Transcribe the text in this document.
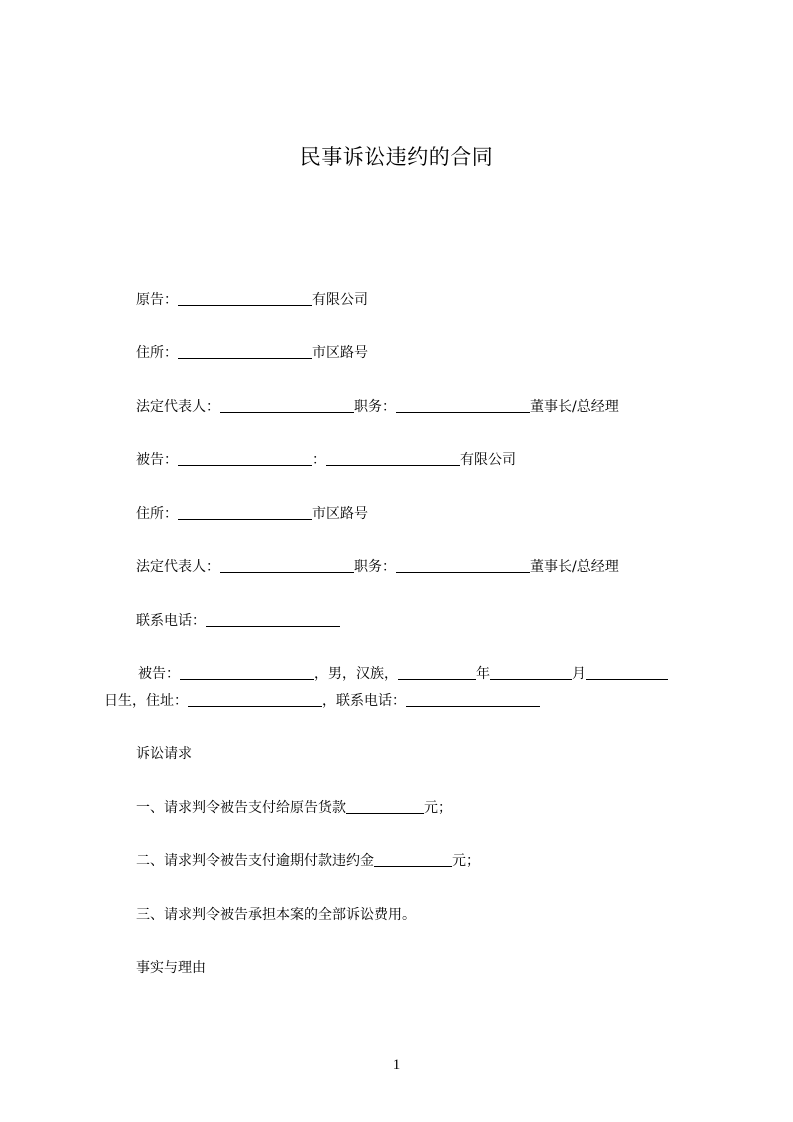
民事诉讼违约的合同
原告：	有限公司
住所：	市区路号
法定代表人：	职务：	董事长/总经理
被告：	：	有限公司
住所：	市区路号
法定代表人：	职务：	董事长/总经理
联系电话：
被告：	，男，汉族，	年	月
日生，住址：	，联系电话：
诉讼请求
一、请求判令被告支付给原告货款	元；
二、请求判令被告支付逾期付款违约金	元；
三、请求判令被告承担本案的全部诉讼费用。
事实与理由
1
